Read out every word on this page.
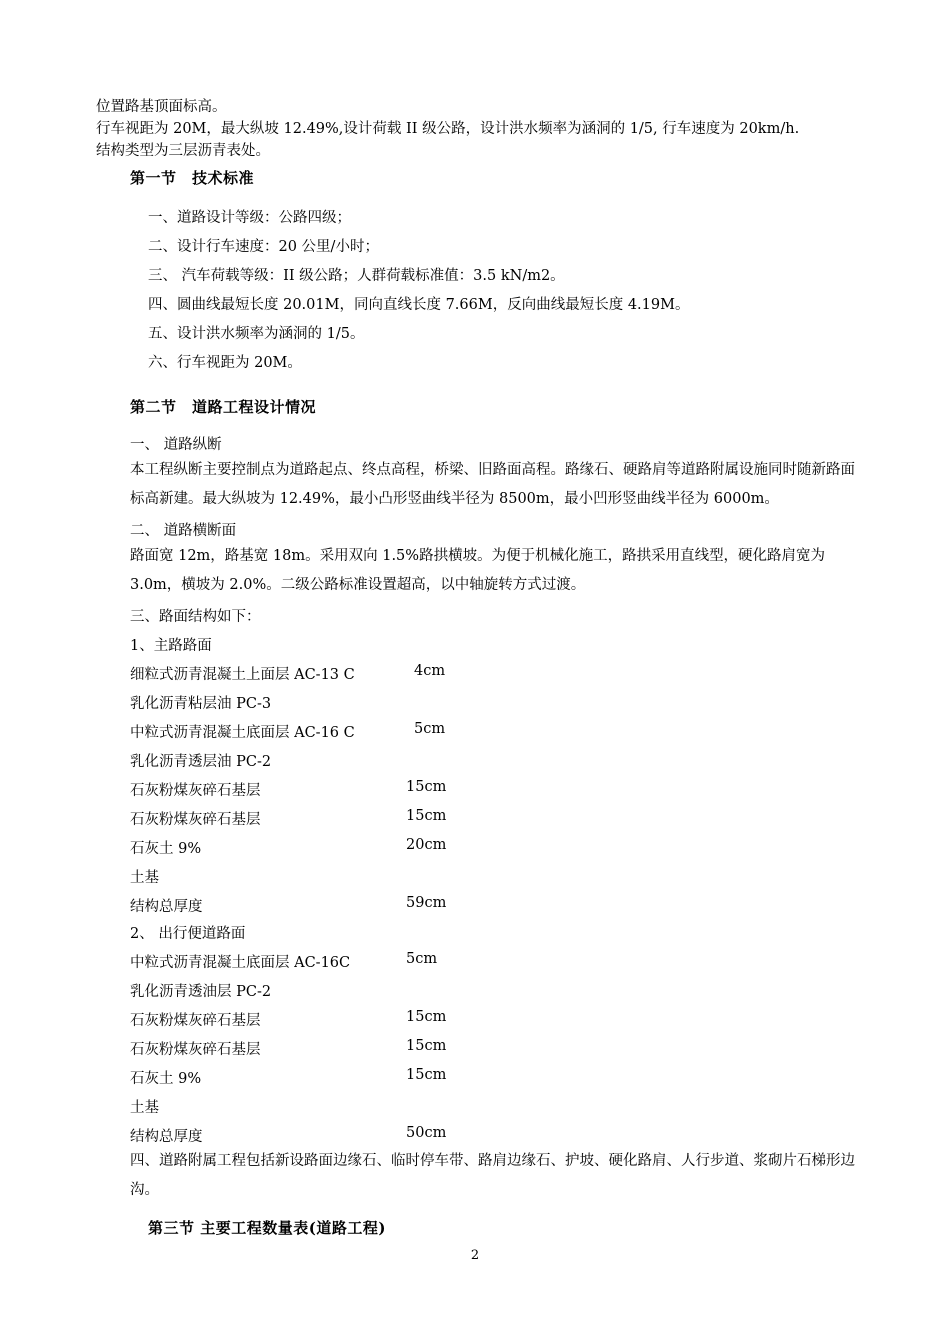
位置路基顶面标高。
行车视距为 20M，最大纵坡 12.49%,设计荷载 II 级公路，设计洪水频率为涵洞的 1/5, 行车速度为 20km/h.
结构类型为三层沥青表处。
第一节　技术标准
一、道路设计等级：公路四级；
二、设计行车速度：20 公里/小时；
三、 汽车荷载等级：II 级公路；人群荷载标准值：3.5 kN/m2。
四、圆曲线最短长度 20.01M，同向直线长度 7.66M，反向曲线最短长度 4.19M。
五、设计洪水频率为涵洞的 1/5。
六、行车视距为 20M。
第二节　道路工程设计情况
一、 道路纵断
本工程纵断主要控制点为道路起点、终点高程，桥梁、旧路面高程。路缘石、硬路肩等道路附属设施同时随新路面标高新建。最大纵坡为 12.49%，最小凸形竖曲线半径为 8500m，最小凹形竖曲线半径为 6000m。
二、 道路横断面
路面宽 12m，路基宽 18m。采用双向 1.5%路拱横坡。为便于机械化施工，路拱采用直线型，硬化路肩宽为 3.0m，横坡为 2.0%。二级公路标准设置超高，以中轴旋转方式过渡。
三、路面结构如下：
1、主路路面
细粒式沥青混凝土上面层 AC-13 C	4cm
乳化沥青粘层油 PC-3
中粒式沥青混凝土底面层 AC-16 C	5cm
乳化沥青透层油 PC-2
石灰粉煤灰碎石基层	15cm
石灰粉煤灰碎石基层	15cm
石灰土 9%	20cm
土基
结构总厚度	59cm
2、 出行便道路面
中粒式沥青混凝土底面层 AC-16C	5cm
乳化沥青透油层 PC-2
石灰粉煤灰碎石基层	15cm
石灰粉煤灰碎石基层	15cm
石灰土 9%	15cm
土基
结构总厚度	50cm
四、道路附属工程包括新设路面边缘石、临时停车带、路肩边缘石、护坡、硬化路肩、人行步道、浆砌片石梯形边沟。
第三节 主要工程数量表(道路工程)
2
